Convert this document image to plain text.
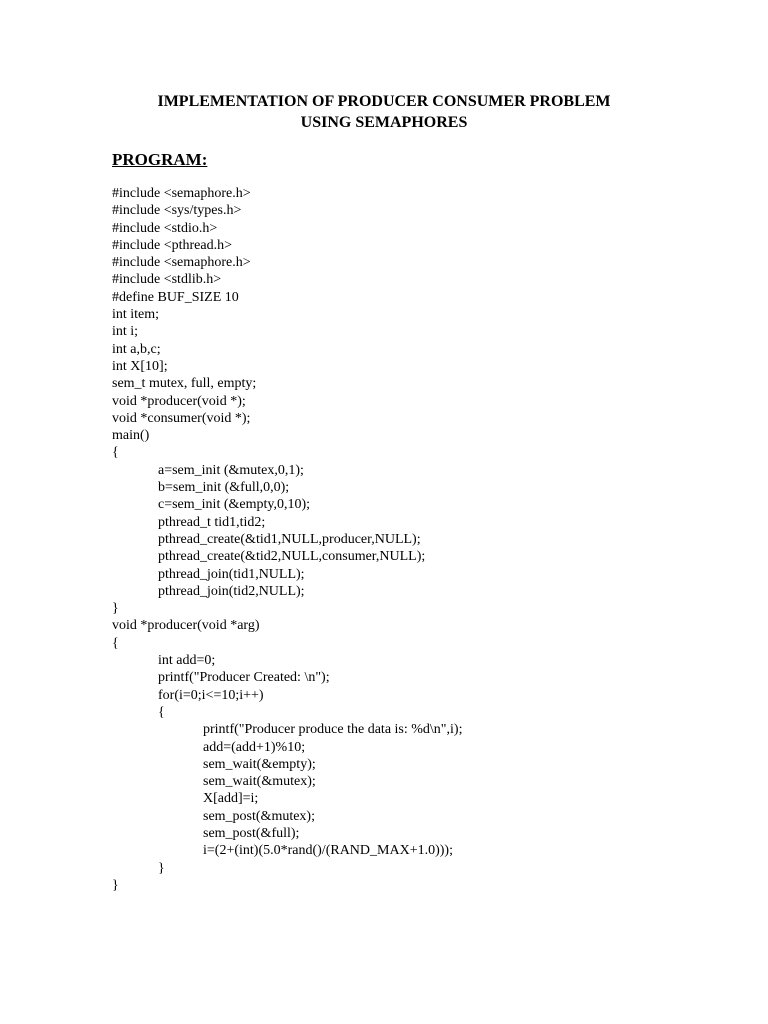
IMPLEMENTATION OF PRODUCER CONSUMER PROBLEM
USING SEMAPHORES
PROGRAM:
#include <semaphore.h>
#include <sys/types.h>
#include <stdio.h>
#include <pthread.h>
#include <semaphore.h>
#include <stdlib.h>
#define BUF_SIZE 10
int item;
int i;
int a,b,c;
int X[10];
sem_t mutex, full, empty;
void *producer(void *);
void *consumer(void *);
main()
{
a=sem_init (&mutex,0,1);
b=sem_init (&full,0,0);
c=sem_init (&empty,0,10);
pthread_t tid1,tid2;
pthread_create(&tid1,NULL,producer,NULL);
pthread_create(&tid2,NULL,consumer,NULL);
pthread_join(tid1,NULL);
pthread_join(tid2,NULL);
}
void *producer(void *arg)
{
int add=0;
printf("Producer Created: \n");
for(i=0;i<=10;i++)
{
printf("Producer produce the data is: %d\n",i);
add=(add+1)%10;
sem_wait(&empty);
sem_wait(&mutex);
X[add]=i;
sem_post(&mutex);
sem_post(&full);
i=(2+(int)(5.0*rand()/(RAND_MAX+1.0)));
}
}
